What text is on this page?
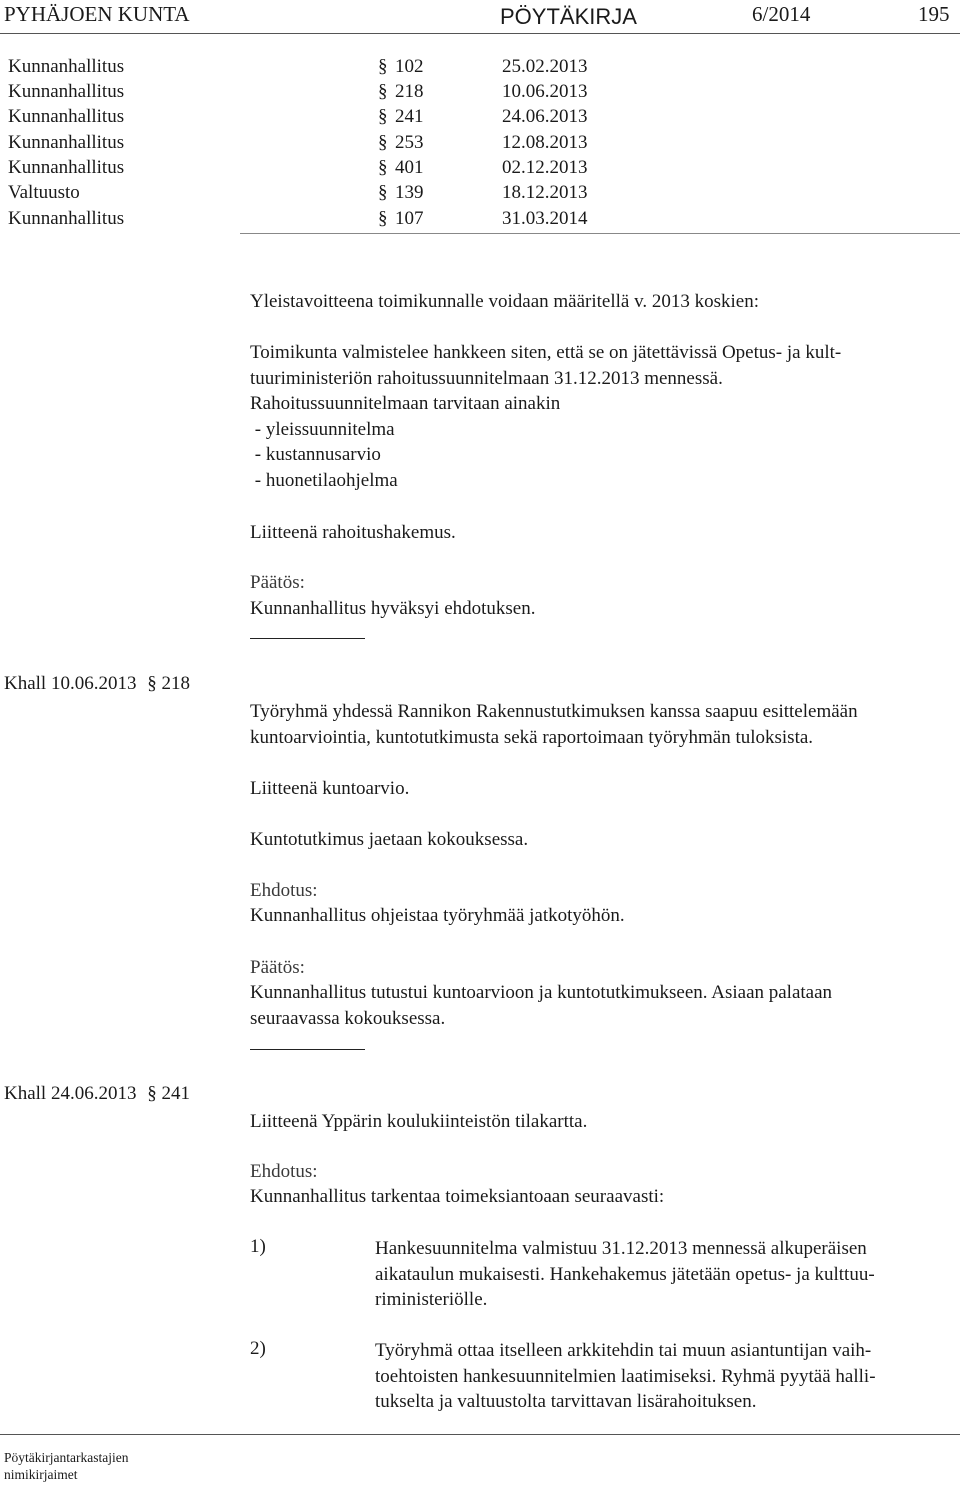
PYHÄJOEN KUNTA	PÖYTÄKIRJA	6/2014	195
Kunnanhallitus	§ 102	25.02.2013
Kunnanhallitus	§ 218	10.06.2013
Kunnanhallitus	§ 241	24.06.2013
Kunnanhallitus	§ 253	12.08.2013
Kunnanhallitus	§ 401	02.12.2013
Valtuusto	§ 139	18.12.2013
Kunnanhallitus	§ 107	31.03.2014
Yleistavoitteena toimikunnalle voidaan määritellä v. 2013 koskien:
Toimikunta valmistelee hankkeen siten, että se on jätettävissä Opetus- ja kult-
tuuriministeriön rahoitussuunnitelmaan 31.12.2013 mennessä.
Rahoitussuunnitelmaan tarvitaan ainakin
- yleissuunnitelma
- kustannusarvio
- huonetilaohjelma
Liitteenä rahoitushakemus.
Päätös:
Kunnanhallitus hyväksyi ehdotuksen.
Khall 10.06.2013 § 218
Työryhmä yhdessä Rannikon Rakennustutkimuksen kanssa saapuu esittelemään
kuntoarviointia, kuntotutkimusta sekä raportoimaan työryhmän tuloksista.
Liitteenä kuntoarvio.
Kuntotutkimus jaetaan kokouksessa.
Ehdotus:
Kunnanhallitus ohjeistaa työryhmää jatkotyöhön.
Päätös:
Kunnanhallitus tutustui kuntoarvioon ja kuntotutkimukseen. Asiaan palataan
seuraavassa kokouksessa.
Khall 24.06.2013 § 241
Liitteenä Yppärin koulukiinteistön tilakartta.
Ehdotus:
Kunnanhallitus tarkentaa toimeksiantoaan seuraavasti:
1)	Hankesuunnitelma valmistuu 31.12.2013 mennessä alkuperäisen
aikataulun mukaisesti. Hankehakemus jätetään opetus- ja kulttuu-
riministeriölle.
2)	Työryhmä ottaa itselleen arkkitehdin tai muun asiantuntijan vaih-
toehtoisten hankesuunnitelmien laatimiseksi. Ryhmä pyytää halli-
tukselta ja valtuustolta tarvittavan lisärahoituksen.
Pöytäkirjantarkastajien
nimikirjaimet
